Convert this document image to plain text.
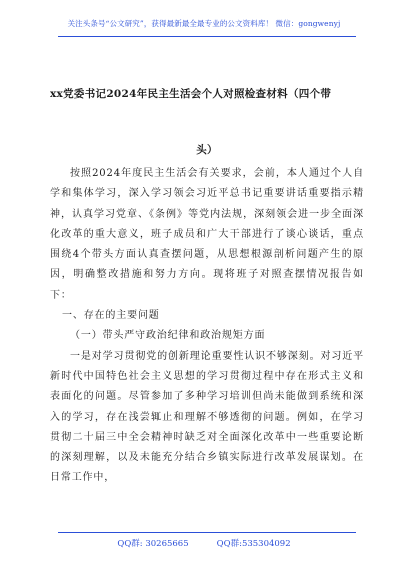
关注头条号“公文研究”，获得最新最全最专业的公文资料库！ 微信：gongwenyj
xx党委书记2024年民主生活会个人对照检查材料（四个带
头）

按照2024年度民主生活会有关要求，会前，本人通过个人自学和集体学习，深入学习领会习近平总书记重要讲话重要指示精神，认真学习党章、《条例》等党内法规，深刻领会进一步全面深化改革的重大意义，班子成员和广大干部进行了谈心谈话，重点围绕4个带头方面认真查摆问题，从思想根源剖析问题产生的原因，明确整改措施和努力方向。现将班子对照查摆情况报告如下：

一、存在的主要问题

（一）带头严守政治纪律和政治规矩方面

一是对学习贯彻党的创新理论重要性认识不够深刻。对习近平新时代中国特色社会主义思想的学习贯彻过程中存在形式主义和表面化的问题。尽管参加了多种学习培训但尚未能做到系统和深入的学习，存在浅尝辄止和理解不够透彻的问题。例如，在学习贯彻二十届三中全会精神时缺乏对全面深化改革中一些重要论断的深刻理解，以及未能充分结合乡镇实际进行改革发展谋划。在日常工作中，

QQ群: 30265665	QQ群:535304092
